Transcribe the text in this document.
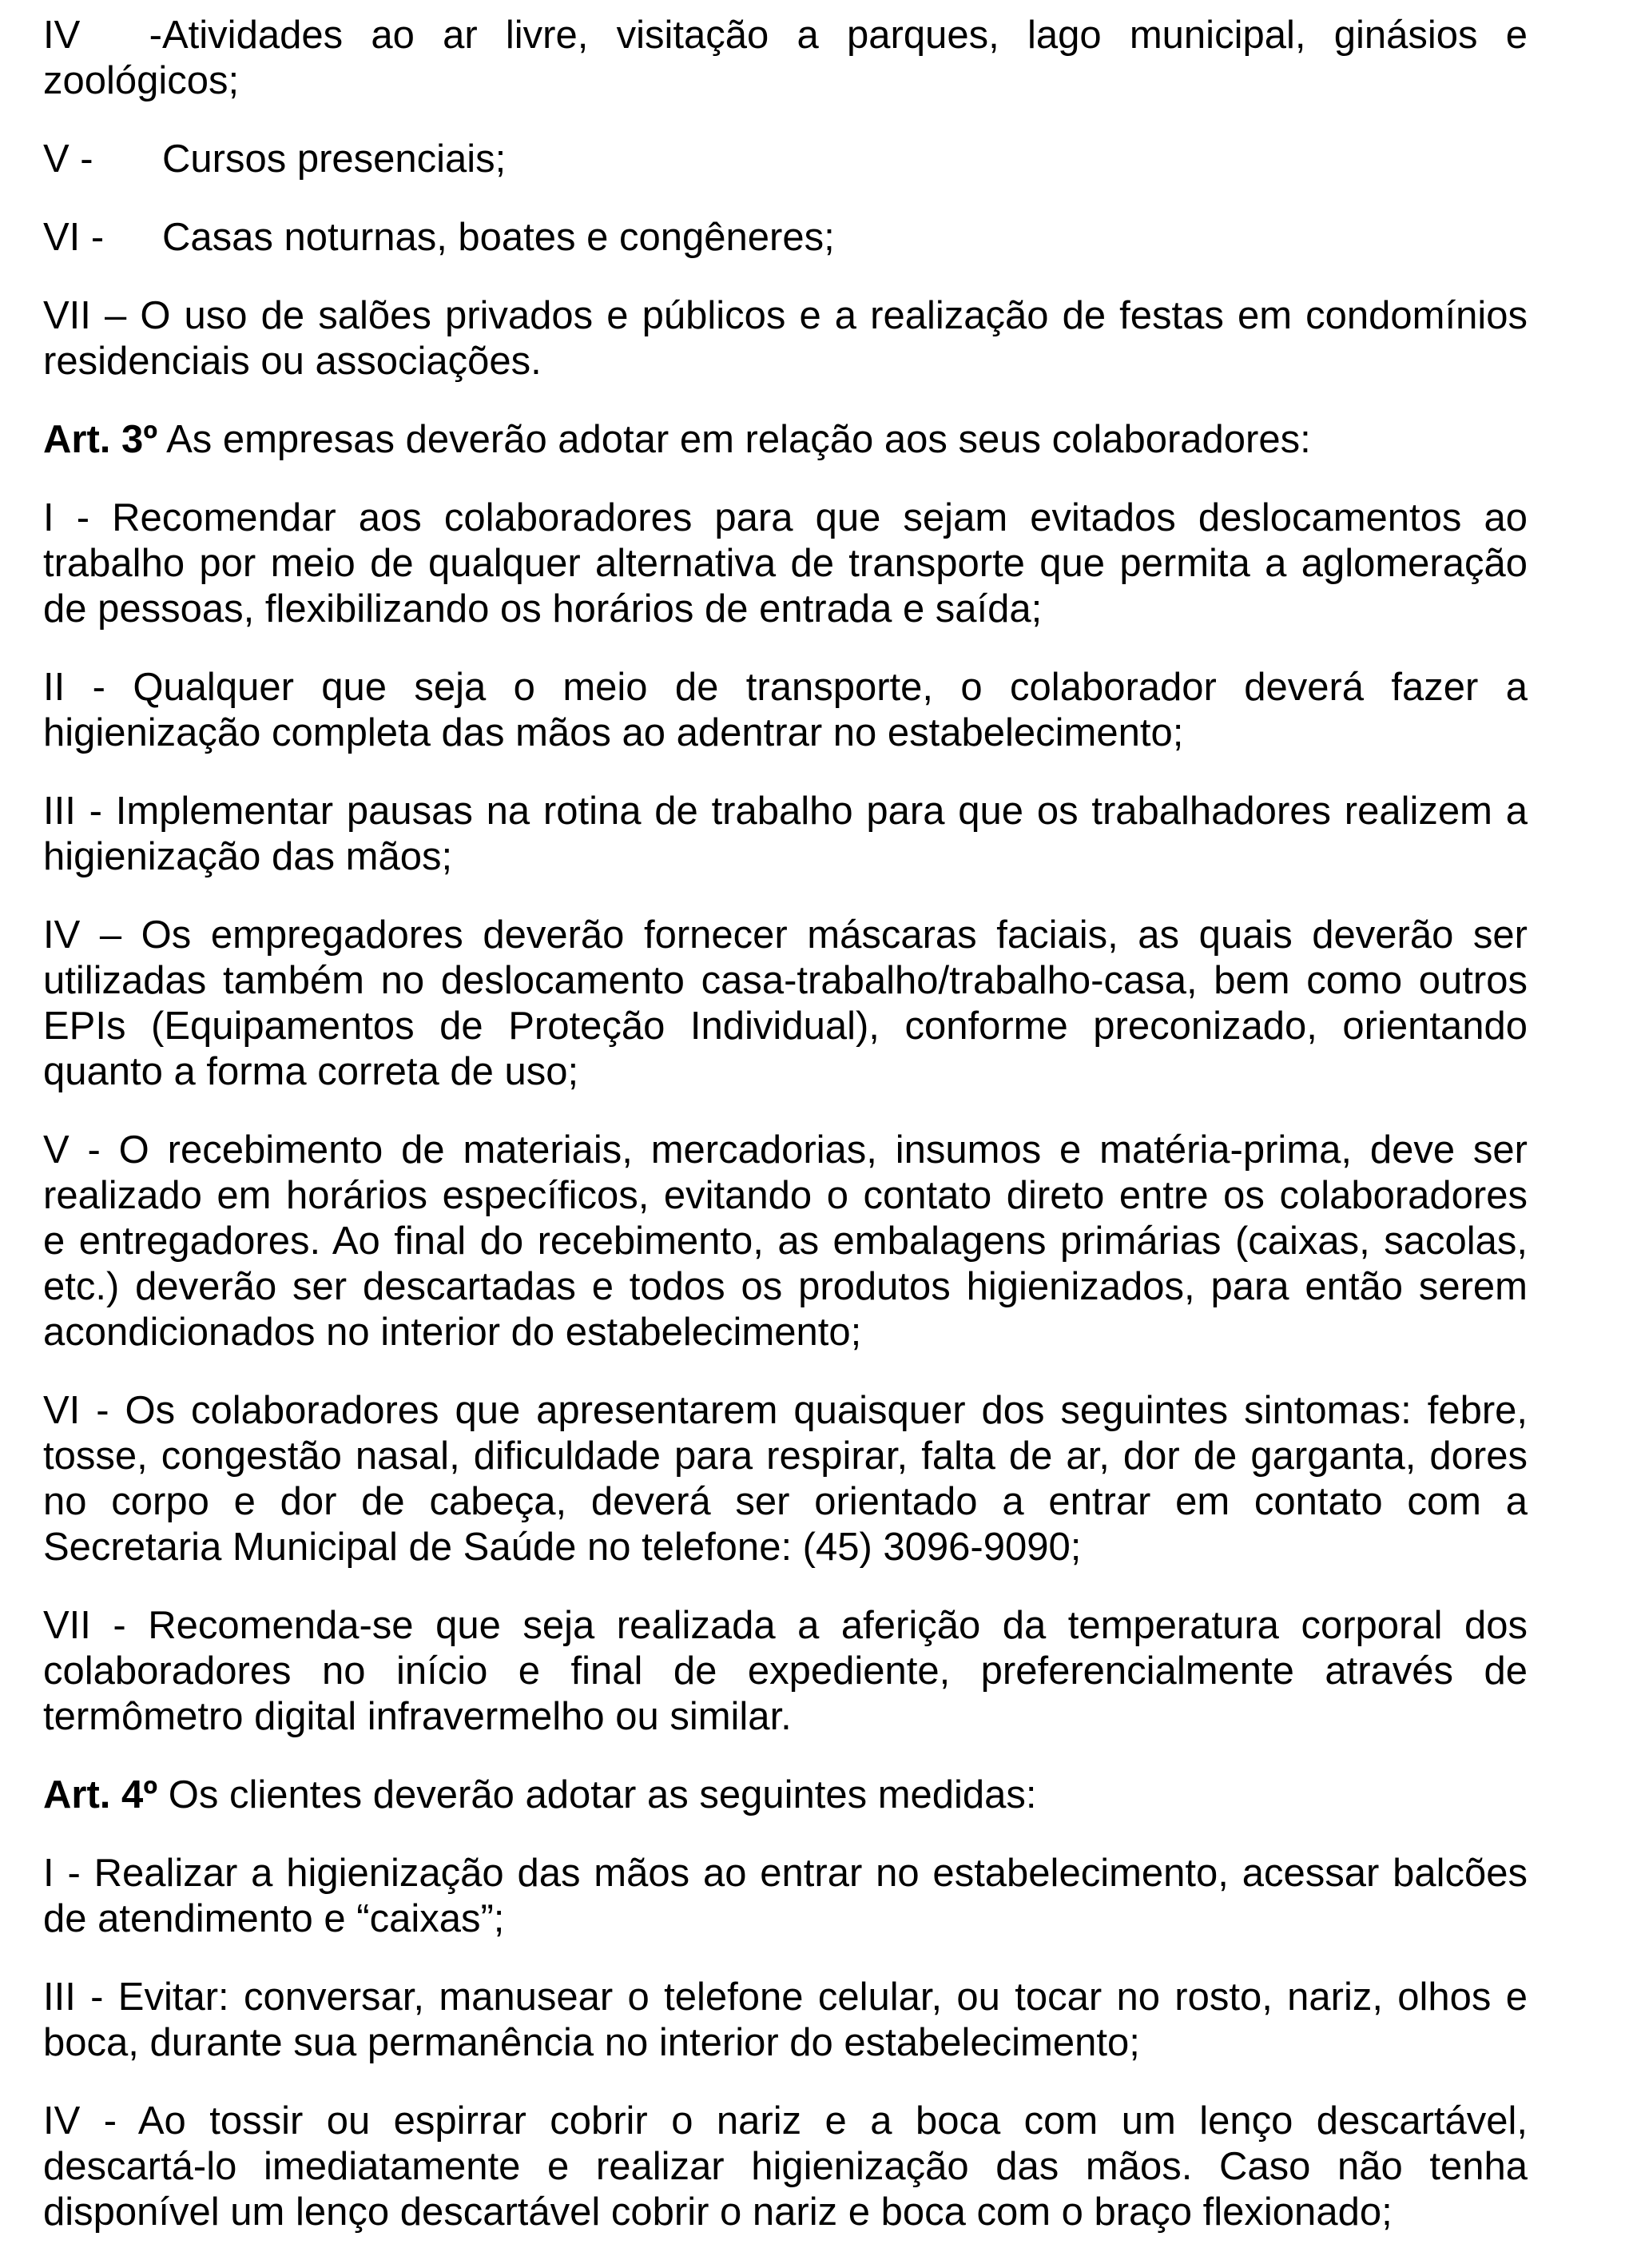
IV -Atividades ao ar livre, visitação a parques, lago municipal, ginásios e
zoológicos;

V - Cursos presenciais;

VI - Casas noturnas, boates e congêneres;

VII – O uso de salões privados e públicos e a realização de festas em condomínios
residenciais ou associações.

Art. 3º As empresas deverão adotar em relação aos seus colaboradores:

I - Recomendar aos colaboradores para que sejam evitados deslocamentos ao
trabalho por meio de qualquer alternativa de transporte que permita a aglomeração
de pessoas, flexibilizando os horários de entrada e saída;

II - Qualquer que seja o meio de transporte, o colaborador deverá fazer a
higienização completa das mãos ao adentrar no estabelecimento;

III - Implementar pausas na rotina de trabalho para que os trabalhadores realizem a
higienização das mãos;

IV – Os empregadores deverão fornecer máscaras faciais, as quais deverão ser
utilizadas também no deslocamento casa-trabalho/trabalho-casa, bem como outros
EPIs (Equipamentos de Proteção Individual), conforme preconizado, orientando
quanto a forma correta de uso;

V - O recebimento de materiais, mercadorias, insumos e matéria-prima, deve ser
realizado em horários específicos, evitando o contato direto entre os colaboradores
e entregadores. Ao final do recebimento, as embalagens primárias (caixas, sacolas,
etc.) deverão ser descartadas e todos os produtos higienizados, para então serem
acondicionados no interior do estabelecimento;

VI - Os colaboradores que apresentarem quaisquer dos seguintes sintomas: febre,
tosse, congestão nasal, dificuldade para respirar, falta de ar, dor de garganta, dores
no corpo e dor de cabeça, deverá ser orientado a entrar em contato com a
Secretaria Municipal de Saúde no telefone: (45) 3096-9090;

VII - Recomenda-se que seja realizada a aferição da temperatura corporal dos
colaboradores no início e final de expediente, preferencialmente através de
termômetro digital infravermelho ou similar.

Art. 4º Os clientes deverão adotar as seguintes medidas:

I - Realizar a higienização das mãos ao entrar no estabelecimento, acessar balcões
de atendimento e “caixas”;

III - Evitar: conversar, manusear o telefone celular, ou tocar no rosto, nariz, olhos e
boca, durante sua permanência no interior do estabelecimento;

IV - Ao tossir ou espirrar cobrir o nariz e a boca com um lenço descartável,
descartá-lo imediatamente e realizar higienização das mãos. Caso não tenha
disponível um lenço descartável cobrir o nariz e boca com o braço flexionado;
